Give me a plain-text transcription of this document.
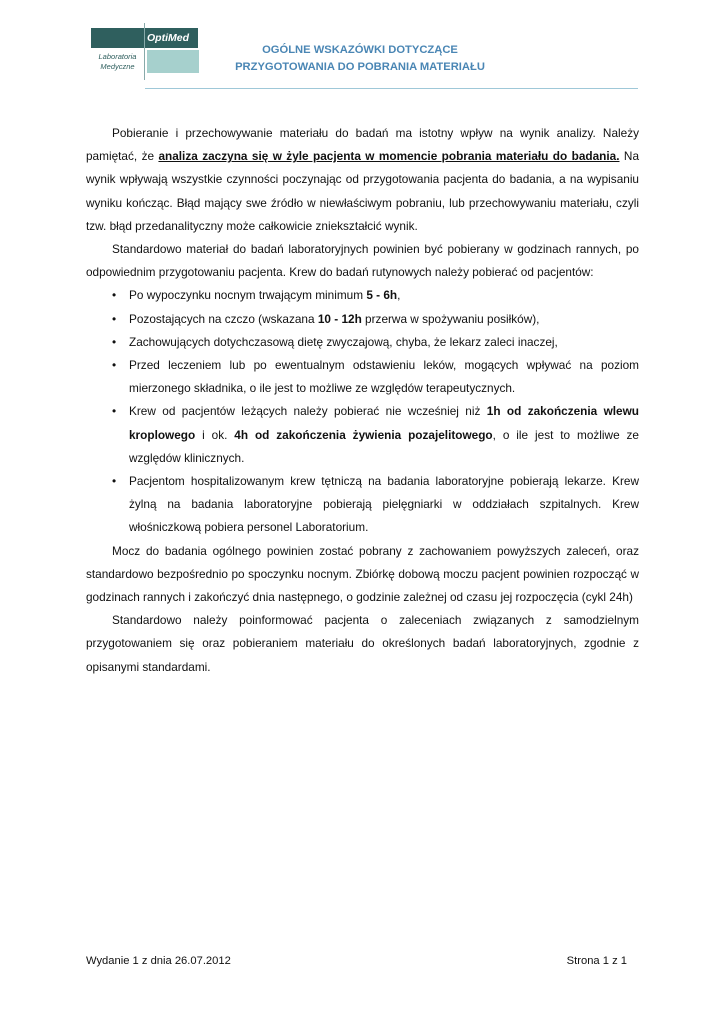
OptiMed
Laboratoria
Medyczne
OGÓLNE WSKAZÓWKI DOTYCZĄCE
PRZYGOTOWANIA DO POBRANIA MATERIAŁU

Pobieranie i przechowywanie materiału do badań ma istotny wpływ na wynik analizy. Należy pamiętać, że analiza zaczyna się w żyle pacjenta w momencie pobrania materiału do badania. Na wynik wpływają wszystkie czynności poczynając od przygotowania pacjenta do badania, a na wypisaniu wyniku kończąc. Błąd mający swe źródło w niewłaściwym pobraniu, lub przechowywaniu materiału, czyli tzw. błąd przedanalityczny może całkowicie zniekształcić wynik.

Standardowo materiał do badań laboratoryjnych powinien być pobierany w godzinach rannych, po odpowiednim przygotowaniu pacjenta. Krew do badań rutynowych należy pobierać od pacjentów:

• Po wypoczynku nocnym trwającym minimum 5 - 6h,
• Pozostających na czczo (wskazana 10 - 12h przerwa w spożywaniu posiłków),
• Zachowujących dotychczasową dietę zwyczajową, chyba, że lekarz zaleci inaczej,
• Przed leczeniem lub po ewentualnym odstawieniu leków, mogących wpływać na poziom mierzonego składnika, o ile jest to możliwe ze względów terapeutycznych.
• Krew od pacjentów leżących należy pobierać nie wcześniej niż 1h od zakończenia wlewu kroplowego i ok. 4h od zakończenia żywienia pozajelitowego, o ile jest to możliwe ze względów klinicznych.
• Pacjentom hospitalizowanym krew tętniczą na badania laboratoryjne pobierają lekarze. Krew żylną na badania laboratoryjne pobierają pielęgniarki w oddziałach szpitalnych. Krew włośniczkową pobiera personel Laboratorium.

Mocz do badania ogólnego powinien zostać pobrany z zachowaniem powyższych zaleceń, oraz standardowo bezpośrednio po spoczynku nocnym. Zbiórkę dobową moczu pacjent powinien rozpocząć w godzinach rannych i zakończyć dnia następnego, o godzinie zależnej od czasu jej rozpoczęcia (cykl 24h)

Standardowo należy poinformować pacjenta o zaleceniach związanych z samodzielnym przygotowaniem się oraz pobieraniem materiału do określonych badań laboratoryjnych, zgodnie z opisanymi standardami.

Wydanie 1 z dnia 26.07.2012	Strona 1 z 1
